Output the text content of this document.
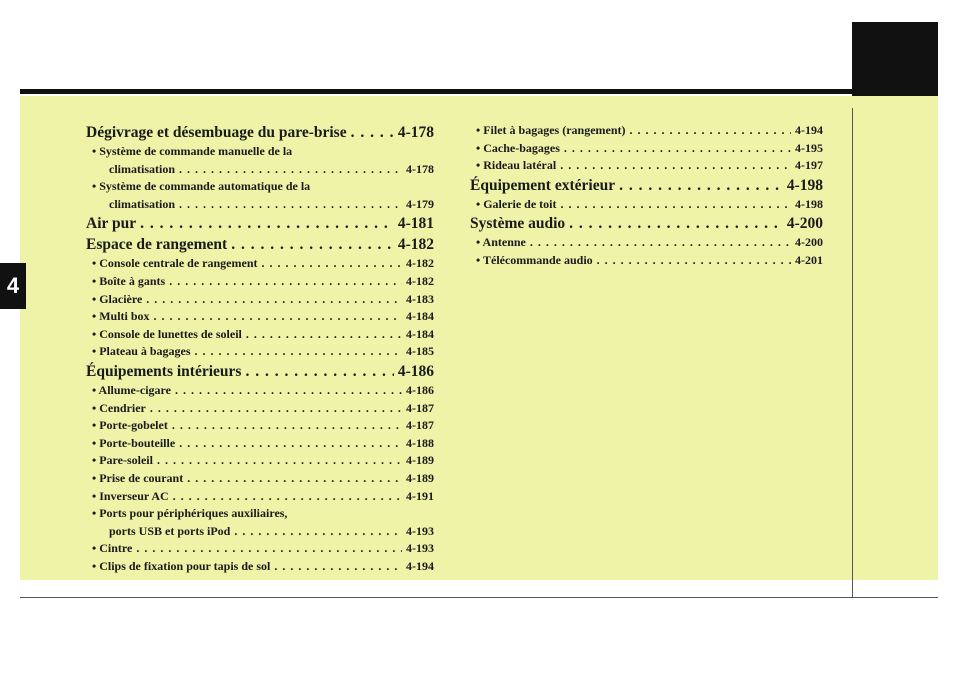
4
Dégivrage et désembuage du pare-brise . . .	4-178
• Système de commande manuelle de la
climatisation . . .	4-178
• Système de commande automatique de la
climatisation . . .	4-179
Air pur . . .	4-181
Espace de rangement . . .	4-182
• Console centrale de rangement . . .	4-182
• Boîte à gants . . .	4-182
• Glacière . . .	4-183
• Multi box . . .	4-184
• Console de lunettes de soleil . . .	4-184
• Plateau à bagages . . .	4-185
Équipements intérieurs . . .	4-186
• Allume-cigare . . .	4-186
• Cendrier . . .	4-187
• Porte-gobelet . . .	4-187
• Porte-bouteille . . .	4-188
• Pare-soleil . . .	4-189
• Prise de courant . . .	4-189
• Inverseur AC . . .	4-191
• Ports pour périphériques auxiliaires,
ports USB et ports iPod . . .	4-193
• Cintre . . .	4-193
• Clips de fixation pour tapis de sol . . .	4-194
• Filet à bagages (rangement) . . .	4-194
• Cache-bagages . . .	4-195
• Rideau latéral . . .	4-197
Équipement extérieur . . .	4-198
• Galerie de toit . . .	4-198
Système audio . . .	4-200
• Antenne . . .	4-200
• Télécommande audio . . .	4-201
